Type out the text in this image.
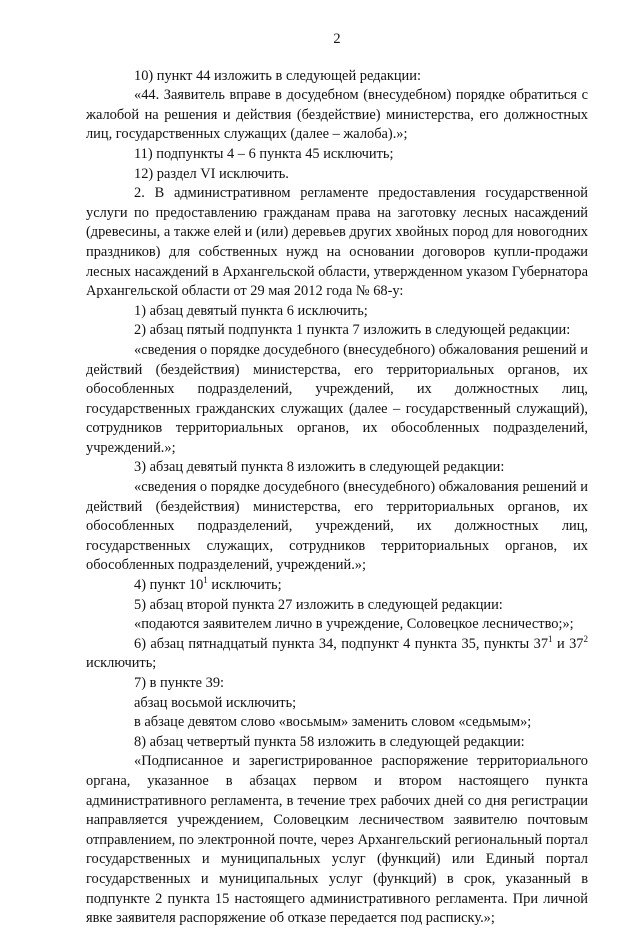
2

10) пункт 44 изложить в следующей редакции:

«44. Заявитель вправе в досудебном (внесудебном) порядке обратиться с жалобой на решения и действия (бездействие) министерства, его должностных лиц, государственных служащих (далее – жалоба).»;

11) подпункты 4 – 6 пункта 45 исключить;

12) раздел VI исключить.

2. В административном регламенте предоставления государственной услуги по предоставлению гражданам права на заготовку лесных насаждений (древесины, а также елей и (или) деревьев других хвойных пород для новогодних праздников) для собственных нужд на основании договоров купли-продажи лесных насаждений в Архангельской области, утвержденном указом Губернатора Архангельской области от 29 мая 2012 года № 68-у:

1) абзац девятый пункта 6 исключить;

2) абзац пятый подпункта 1 пункта 7 изложить в следующей редакции:

«сведения о порядке досудебного (внесудебного) обжалования решений и действий (бездействия) министерства, его территориальных органов, их обособленных подразделений, учреждений, их должностных лиц, государственных гражданских служащих (далее – государственный служащий), сотрудников территориальных органов, их обособленных подразделений, учреждений.»;

3) абзац девятый пункта 8 изложить в следующей редакции:

«сведения о порядке досудебного (внесудебного) обжалования решений и действий (бездействия) министерства, его территориальных органов, их обособленных подразделений, учреждений, их должностных лиц, государственных служащих, сотрудников территориальных органов, их обособленных подразделений, учреждений.»;

4) пункт $10^1$ исключить;

5) абзац второй пункта 27 изложить в следующей редакции:

«подаются заявителем лично в учреждение, Соловецкое лесничество;»;

6) абзац пятнадцатый пункта 34, подпункт 4 пункта 35, пункты $37^1$ и $37^2$ исключить;

7) в пункте 39:

абзац восьмой исключить;

в абзаце девятом слово «восьмым» заменить словом «седьмым»;

8) абзац четвертый пункта 58 изложить в следующей редакции:

«Подписанное и зарегистрированное распоряжение территориального органа, указанное в абзацах первом и втором настоящего пункта административного регламента, в течение трех рабочих дней со дня регистрации направляется учреждением, Соловецким лесничеством заявителю почтовым отправлением, по электронной почте, через Архангельский региональный портал государственных и муниципальных услуг (функций) или Единый портал государственных и муниципальных услуг (функций) в срок, указанный в подпункте 2 пункта 15 настоящего административного регламента. При личной явке заявителя распоряжение об отказе передается под расписку.»;
